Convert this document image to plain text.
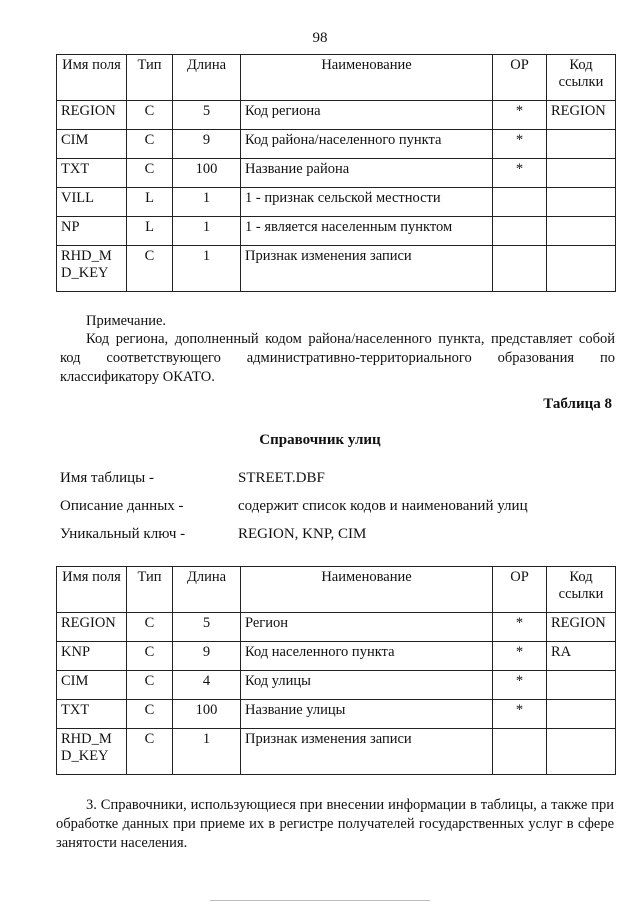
98
Имя поля	Тип	Длина	Наименование	ОР	Код ссылки
REGION	C	5	Код региона	*	REGION
CIM	C	9	Код района/населенного пункта	*	
TXT	C	100	Название района	*	
VILL	L	1	1 - признак сельской местности		
NP	L	1	1 - является населенным пунктом		
RHD_M D_KEY	C	1	Признак изменения записи		
Примечание.
Код региона, дополненный кодом района/населенного пункта, представляет собой код соответствующего административно-территориального образования по классификатору ОКАТО.
Таблица 8
Справочник улиц
Имя таблицы -	STREET.DBF
Описание данных -	содержит список кодов и наименований улиц
Уникальный ключ -	REGION, KNP, CIM
Имя поля	Тип	Длина	Наименование	ОР	Код ссылки
REGION	C	5	Регион	*	REGION
KNP	C	9	Код населенного пункта	*	RA
CIM	C	4	Код улицы	*	
TXT	C	100	Название улицы	*	
RHD_M D_KEY	C	1	Признак изменения записи		
3. Справочники, использующиеся при внесении информации в таблицы, а также при обработке данных при приеме их в регистре получателей государственных услуг в сфере занятости населения.
